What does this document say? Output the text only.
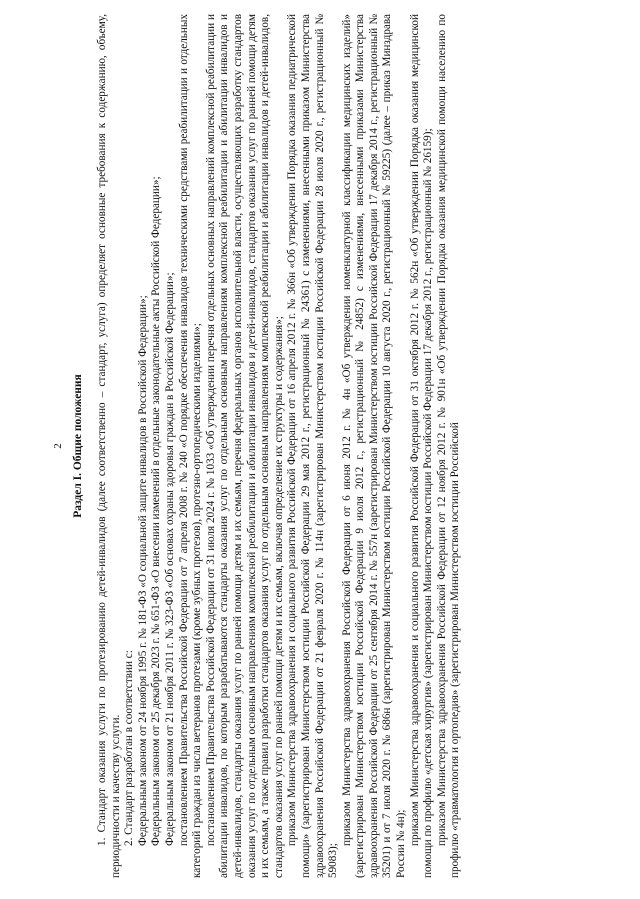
2 Раздел I. Общие положения 1. Стандарт оказания услуги по протезированию детей-инвалидов (далее соответственно – стандарт, услуга) определяет основные требования к содержанию, объему, периодичности и качеству услуги. 2. Стандарт разработан в соответствии с: Федеральным законом от 24 ноября 1995 г. № 181-ФЗ «О социальной защите инвалидов в Российской Федерации»; Федеральным законом от 25 декабря 2023 г. № 651-ФЗ «О внесении изменений в отдельные законодательные акты Российской Федерации»; Федеральным законом от 21 ноября 2011 г. № 323-ФЗ «Об основах охраны здоровья граждан в Российской Федерации»; постановлением Правительства Российской Федерации от 7 апреля 2008 г. № 240 «О порядке обеспечения инвалидов техническими средствами реабилитации и отдельных категорий граждан из числа ветеранов протезами (кроме зубных протезов), протезно-ортопедическими изделиями»; постановлением Правительства Российской Федерации от 31 июля 2024 г. № 1033 «Об утверждении перечня отдельных основных направлений комплексной реабилитации и абилитации инвалидов, по которым разрабатываются стандарты оказания услуг по отдельным основным направлениям комплексной реабилитации и абилитации инвалидов и детей-инвалидов, стандарты оказания услуг по ранней помощи детям и их семьям, перечня федеральных органов исполнительной власти, осуществляющих разработку стандартов оказания услуг по отдельным основным направлениям комплексной реабилитации и абилитации инвалидов и детей-инвалидов, стандартов оказания услуг по ранней помощи детям и их семьям, а также правил разработки стандартов оказания услуг по отдельным основным направлениям комплексной реабилитации и абилитации инвалидов и детей-инвалидов, стандартов оказания услуг по ранней помощи детям и их семьям, включая определение их структуры и содержания»; приказом Министерства здравоохранения и социального развития Российской Федерации от 16 апреля 2012 г. № 366н «Об утверждении Порядка оказания педиатрической помощи» (зарегистрирован Министерством юстиции Российской Федерации 29 мая 2012 г., регистрационный № 24361) с изменениями, внесенными приказом Министерства здравоохранения Российской Федерации от 21 февраля 2020 г. № 114н (зарегистрирован Министерством юстиции Российской Федерации 28 июля 2020 г., регистрационный № 59083);

приказом Министерства здравоохранения Российской Федерации от 6 июня 2012 г. № 4н «Об утверждении номенклатурной классификации медицинских изделий» (зарегистрирован Министерством юстиции Российской Федерации 9 июля 2012 г., регистрационный № 24852) с изменениями, внесенными приказами Министерства здравоохранения Российской Федерации от 25 сентября 2014 г. № 557н (зарегистрирован Министерством юстиции Российской Федерации 17 декабря 2014 г., регистрационный № 35201) и от 7 июля 2020 г. № 686н (зарегистрирован Министерством юстиции Российской Федерации 10 августа 2020 г., регистрационный № 59225) (далее – приказ Минздрава России № 4н); приказом Министерства здравоохранения и социального развития Российской Федерации от 31 октября 2012 г. № 562н «Об утверждении Порядка оказания медицинской помощи по профилю «детская хирургия» (зарегистрирован Министерством юстиции Российской Федерации 17 декабря 2012 г., регистрационный № 26159); приказом Министерства здравоохранения Российской Федерации от 12 ноября 2012 г. № 901н «Об утверждении Порядка оказания медицинской помощи населению по профилю «травматология и ортопедия» (зарегистрирован Министерством юстиции Российской
